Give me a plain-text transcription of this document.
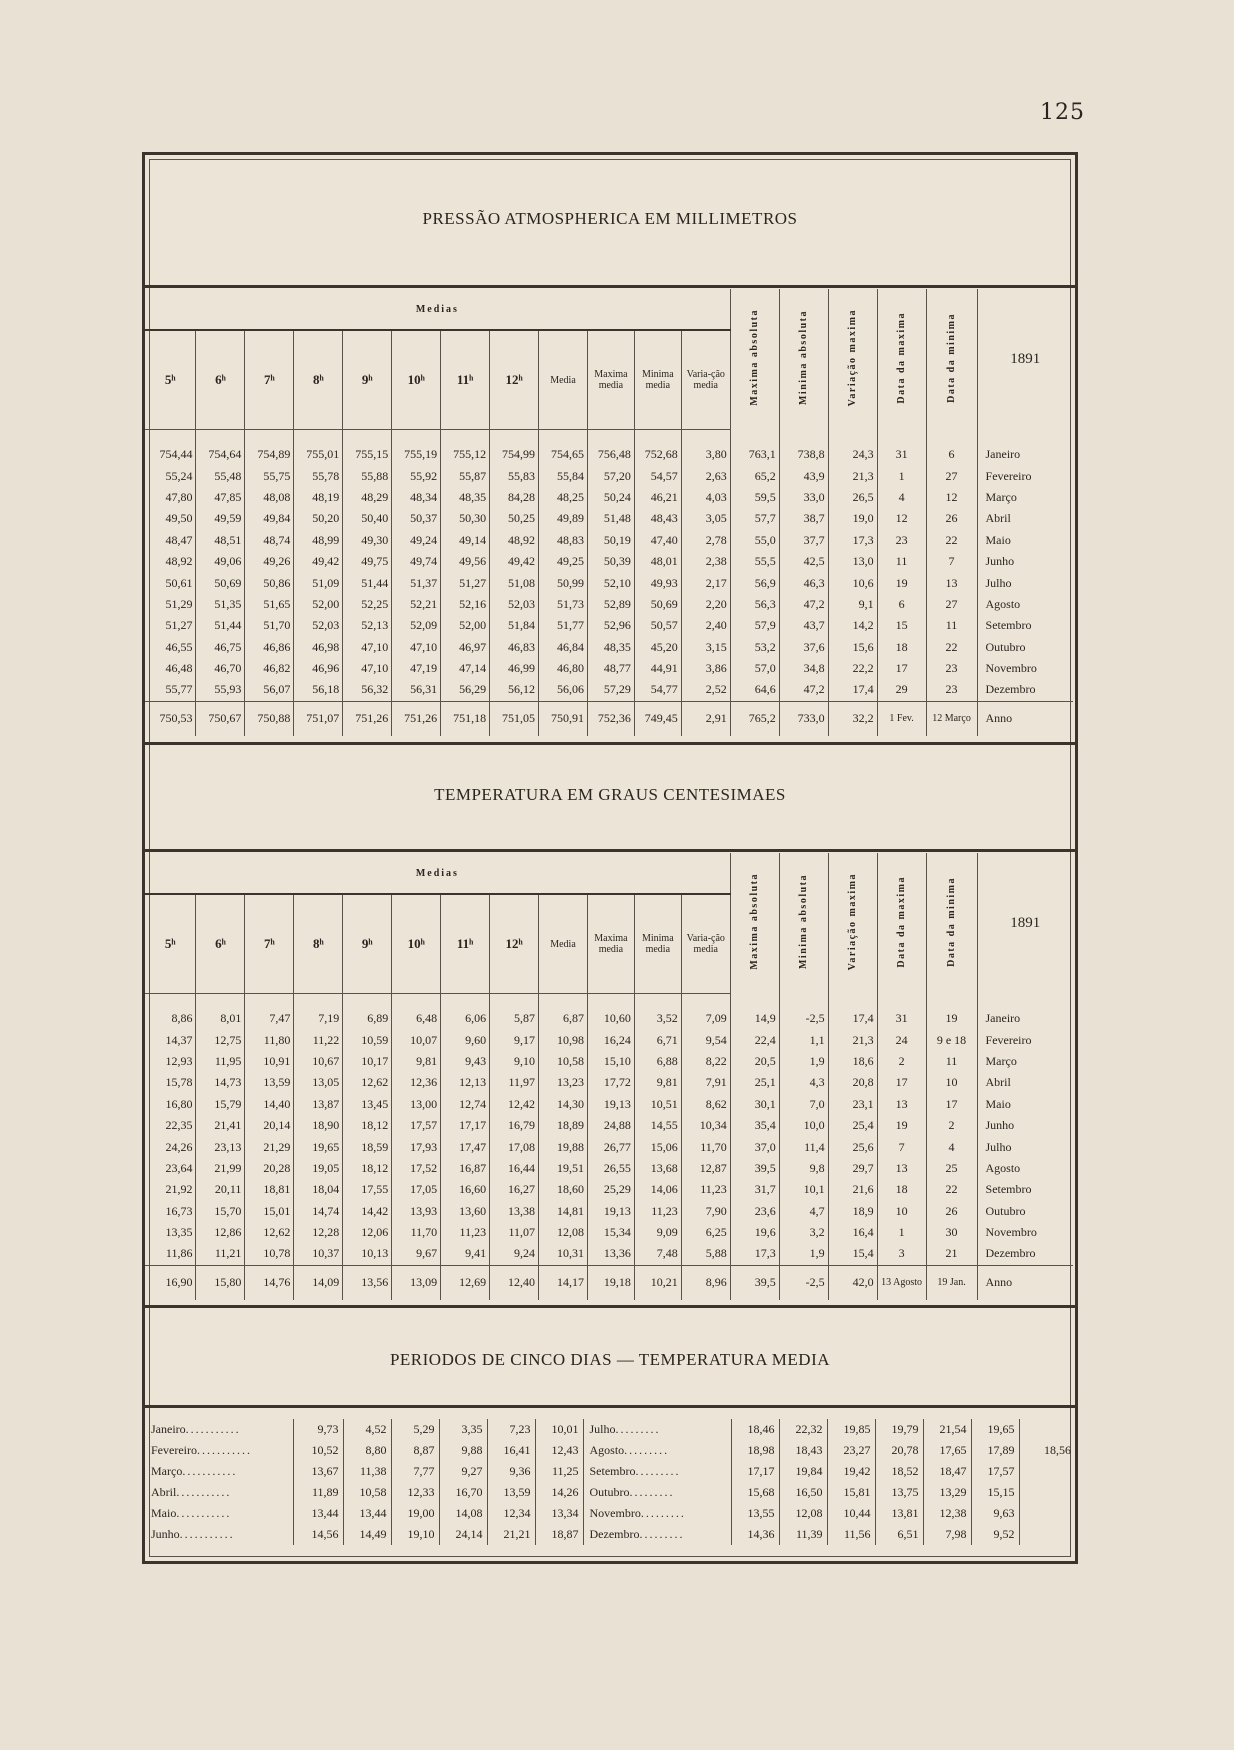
125
PRESSÃO ATMOSPHERICA EM MILLIMETROS
Medias												Maxima absoluta	Minima absoluta	Variação maxima	Data da maxima	Data da minima	1891
5ʰ	6ʰ	7ʰ	8ʰ	9ʰ	10ʰ	11ʰ	12ʰ	Media	Maxima media	Minima media	Varia-ção media						
754,44	754,64	754,89	755,01	755,15	755,19	755,12	754,99	754,65	756,48	752,68	3,80	763,1	738,8	24,3	31	6	Janeiro
55,24	55,48	55,75	55,78	55,88	55,92	55,87	55,83	55,84	57,20	54,57	2,63	65,2	43,9	21,3	1	27	Fevereiro
47,80	47,85	48,08	48,19	48,29	48,34	48,35	84,28	48,25	50,24	46,21	4,03	59,5	33,0	26,5	4	12	Março
49,50	49,59	49,84	50,20	50,40	50,37	50,30	50,25	49,89	51,48	48,43	3,05	57,7	38,7	19,0	12	26	Abril
48,47	48,51	48,74	48,99	49,30	49,24	49,14	48,92	48,83	50,19	47,40	2,78	55,0	37,7	17,3	23	22	Maio
48,92	49,06	49,26	49,42	49,75	49,74	49,56	49,42	49,25	50,39	48,01	2,38	55,5	42,5	13,0	11	7	Junho
50,61	50,69	50,86	51,09	51,44	51,37	51,27	51,08	50,99	52,10	49,93	2,17	56,9	46,3	10,6	19	13	Julho
51,29	51,35	51,65	52,00	52,25	52,21	52,16	52,03	51,73	52,89	50,69	2,20	56,3	47,2	9,1	6	27	Agosto
51,27	51,44	51,70	52,03	52,13	52,09	52,00	51,84	51,77	52,96	50,57	2,40	57,9	43,7	14,2	15	11	Setembro
46,55	46,75	46,86	46,98	47,10	47,10	46,97	46,83	46,84	48,35	45,20	3,15	53,2	37,6	15,6	18	22	Outubro
46,48	46,70	46,82	46,96	47,10	47,19	47,14	46,99	46,80	48,77	44,91	3,86	57,0	34,8	22,2	17	23	Novembro
55,77	55,93	56,07	56,18	56,32	56,31	56,29	56,12	56,06	57,29	54,77	2,52	64,6	47,2	17,4	29	23	Dezembro
750,53	750,67	750,88	751,07	751,26	751,26	751,18	751,05	750,91	752,36	749,45	2,91	765,2	733,0	32,2	1 Fev.	12 Março	Anno
TEMPERATURA EM GRAUS CENTESIMAES
Medias												Maxima absoluta	Minima absoluta	Variação maxima	Data da maxima	Data da minima	1891
5ʰ	6ʰ	7ʰ	8ʰ	9ʰ	10ʰ	11ʰ	12ʰ	Media	Maxima media	Minima media	Varia-ção media						
8,86	8,01	7,47	7,19	6,89	6,48	6,06	5,87	6,87	10,60	3,52	7,09	14,9	-2,5	17,4	31	19	Janeiro
14,37	12,75	11,80	11,22	10,59	10,07	9,60	9,17	10,98	16,24	6,71	9,54	22,4	1,1	21,3	24	9 e 18	Fevereiro
12,93	11,95	10,91	10,67	10,17	9,81	9,43	9,10	10,58	15,10	6,88	8,22	20,5	1,9	18,6	2	11	Março
15,78	14,73	13,59	13,05	12,62	12,36	12,13	11,97	13,23	17,72	9,81	7,91	25,1	4,3	20,8	17	10	Abril
16,80	15,79	14,40	13,87	13,45	13,00	12,74	12,42	14,30	19,13	10,51	8,62	30,1	7,0	23,1	13	17	Maio
22,35	21,41	20,14	18,90	18,12	17,57	17,17	16,79	18,89	24,88	14,55	10,34	35,4	10,0	25,4	19	2	Junho
24,26	23,13	21,29	19,65	18,59	17,93	17,47	17,08	19,88	26,77	15,06	11,70	37,0	11,4	25,6	7	4	Julho
23,64	21,99	20,28	19,05	18,12	17,52	16,87	16,44	19,51	26,55	13,68	12,87	39,5	9,8	29,7	13	25	Agosto
21,92	20,11	18,81	18,04	17,55	17,05	16,60	16,27	18,60	25,29	14,06	11,23	31,7	10,1	21,6	18	22	Setembro
16,73	15,70	15,01	14,74	14,42	13,93	13,60	13,38	14,81	19,13	11,23	7,90	23,6	4,7	18,9	10	26	Outubro
13,35	12,86	12,62	12,28	12,06	11,70	11,23	11,07	12,08	15,34	9,09	6,25	19,6	3,2	16,4	1	30	Novembro
11,86	11,21	10,78	10,37	10,13	9,67	9,41	9,24	10,31	13,36	7,48	5,88	17,3	1,9	15,4	3	21	Dezembro
16,90	15,80	14,76	14,09	13,56	13,09	12,69	12,40	14,17	19,18	10,21	8,96	39,5	-2,5	42,0	13 Agosto	19 Jan.	Anno
PERIODOS DE CINCO DIAS — TEMPERATURA MEDIA
Janeiro...........	9,73	4,52	5,29	3,35	7,23	10,01	Julho.........	18,46	22,32	19,85	19,79	21,54	19,65	
Fevereiro...........	10,52	8,80	8,87	9,88	16,41	12,43	Agosto.........	18,98	18,43	23,27	20,78	17,65	17,89	18,56
Março...........	13,67	11,38	7,77	9,27	9,36	11,25	Setembro.........	17,17	19,84	19,42	18,52	18,47	17,57	
Abril...........	11,89	10,58	12,33	16,70	13,59	14,26	Outubro.........	15,68	16,50	15,81	13,75	13,29	15,15	
Maio...........	13,44	13,44	19,00	14,08	12,34	13,34	Novembro.........	13,55	12,08	10,44	13,81	12,38	9,63	
Junho...........	14,56	14,49	19,10	24,14	21,21	18,87	Dezembro.........	14,36	11,39	11,56	6,51	7,98	9,52	
